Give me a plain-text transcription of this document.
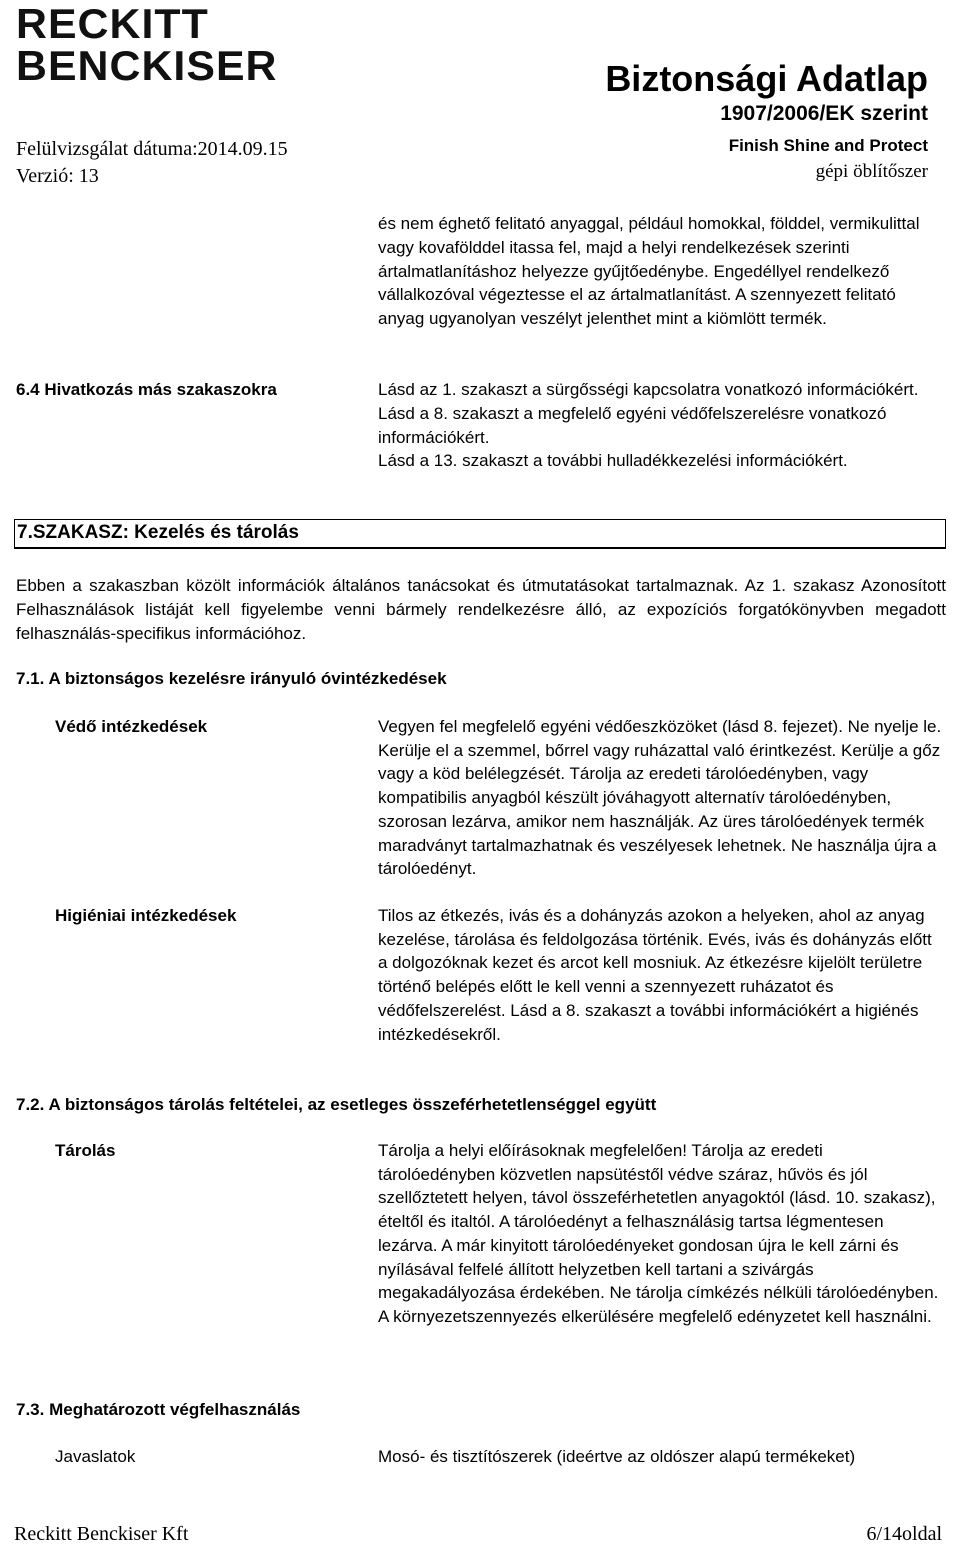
RECKITT
BENCKISER
Felülvizsgálat dátuma:2014.09.15
Verzió: 13
Biztonsági Adatlap
1907/2006/EK szerint
Finish Shine and Protect
gépi öblítőszer
és nem éghető felitató anyaggal, például homokkal, földdel, vermikulittal vagy kovafölddel itassa fel, majd a helyi rendelkezések szerinti ártalmatlanításhoz helyezze gyűjtőedénybe. Engedéllyel rendelkező vállalkozóval végeztesse el az ártalmatlanítást. A szennyezett felitató anyag ugyanolyan veszélyt jelenthet mint a kiömlött termék.
6.4 Hivatkozás más szakaszokra	Lásd az 1. szakaszt a sürgősségi kapcsolatra vonatkozó információkért.
Lásd a 8. szakaszt a megfelelő egyéni védőfelszerelésre vonatkozó információkért.
Lásd a 13. szakaszt a további hulladékkezelési információkért.
7.SZAKASZ: Kezelés és tárolás
Ebben a szakaszban közölt információk általános tanácsokat és útmutatásokat tartalmaznak. Az 1. szakasz Azonosított Felhasználások listáját kell figyelembe venni bármely rendelkezésre álló, az expozíciós forgatókönyvben megadott felhasználás-specifikus információhoz.
7.1. A biztonságos kezelésre irányuló óvintézkedések
Védő intézkedések	Vegyen fel megfelelő egyéni védőeszközöket (lásd 8. fejezet). Ne nyelje le. Kerülje el a szemmel, bőrrel vagy ruházattal való érintkezést. Kerülje a gőz vagy a köd belélegzését. Tárolja az eredeti tárolóedényben, vagy kompatibilis anyagból készült jóváhagyott alternatív tárolóedényben, szorosan lezárva, amikor nem használják. Az üres tárolóedények termék maradványt tartalmazhatnak és veszélyesek lehetnek. Ne használja újra a tárolóedényt.
Higiéniai intézkedések	Tilos az étkezés, ivás és a dohányzás azokon a helyeken, ahol az anyag kezelése, tárolása és feldolgozása történik. Evés, ivás és dohányzás előtt a dolgozóknak kezet és arcot kell mosniuk. Az étkezésre kijelölt területre történő belépés előtt le kell venni a szennyezett ruházatot és védőfelszerelést. Lásd a 8. szakaszt a további információkért a higiénés intézkedésekről.
7.2. A biztonságos tárolás feltételei, az esetleges összeférhetetlenséggel együtt
Tárolás	Tárolja a helyi előírásoknak megfelelően! Tárolja az eredeti tárolóedényben közvetlen napsütéstől védve száraz, hűvös és jól szellőztetett helyen, távol összeférhetetlen anyagoktól (lásd. 10. szakasz), ételtől és italtól. A tárolóedényt a felhasználásig tartsa légmentesen lezárva. A már kinyitott tárolóedényeket gondosan újra le kell zárni és nyílásával felfelé állított helyzetben kell tartani a szivárgás megakadályozása érdekében. Ne tárolja címkézés nélküli tárolóedényben. A környezetszennyezés elkerülésére megfelelő edényzetet kell használni.
7.3. Meghatározott végfelhasználás
Javaslatok	Mosó- és tisztítószerek (ideértve az oldószer alapú termékeket)
Reckitt Benckiser Kft	6/14oldal
